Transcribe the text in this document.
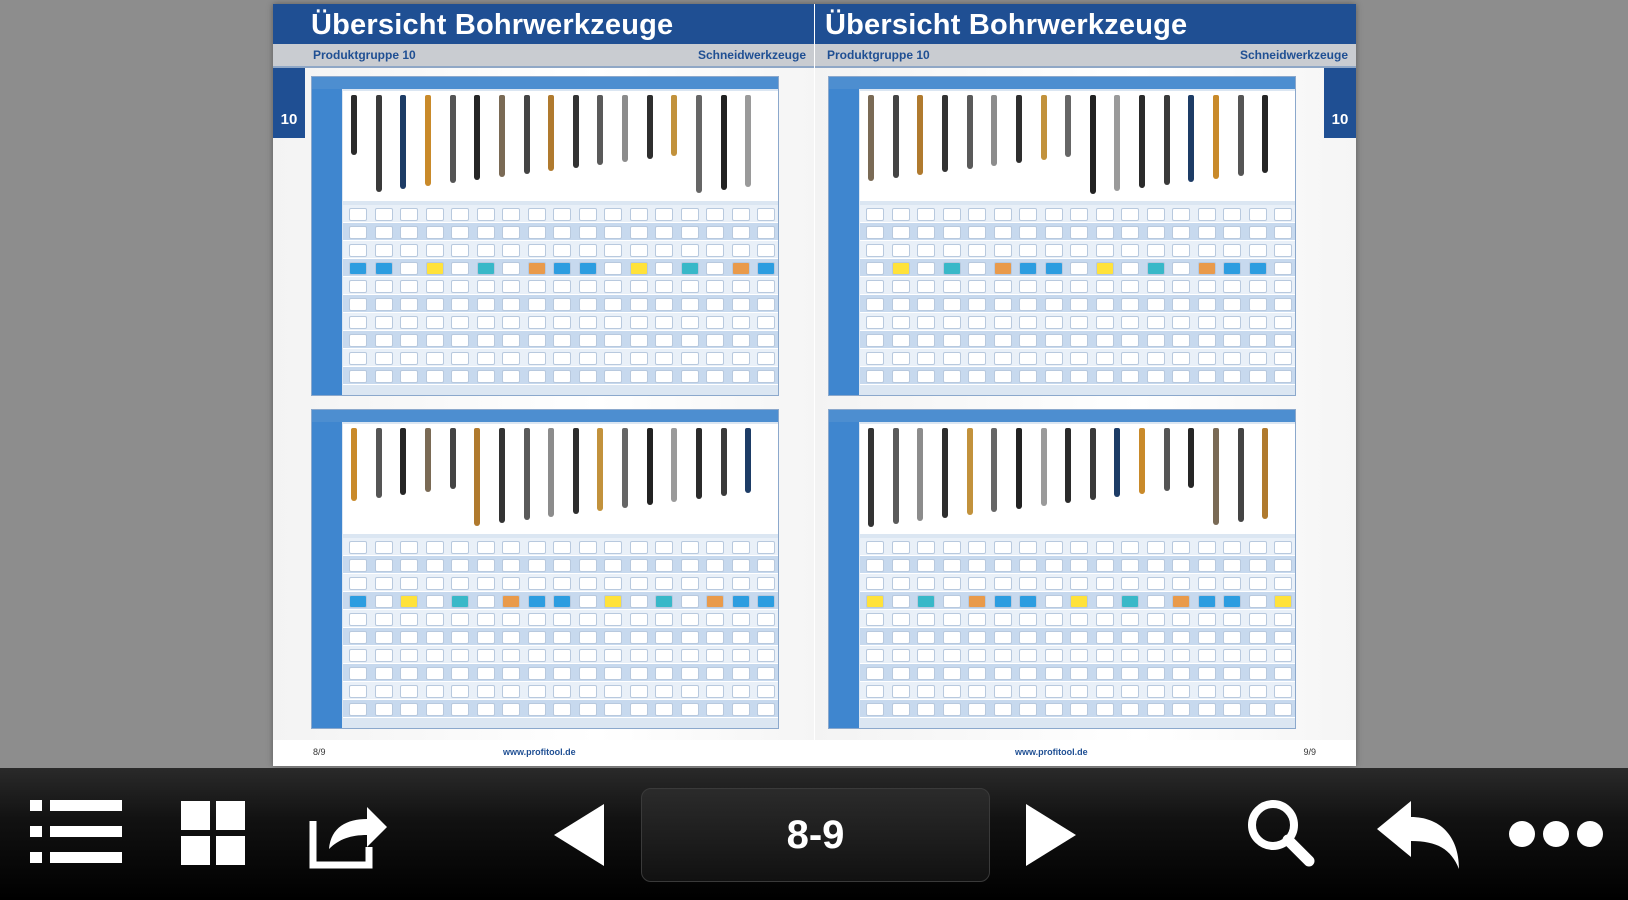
Übersicht Bohrwerkzeuge
10
Produktgruppe 10	Schneidwerkzeuge
8/9	www.profitool.de
Übersicht Bohrwerkzeuge
10
Produktgruppe 10	Schneidwerkzeuge
www.profitool.de	9/9
8-9
